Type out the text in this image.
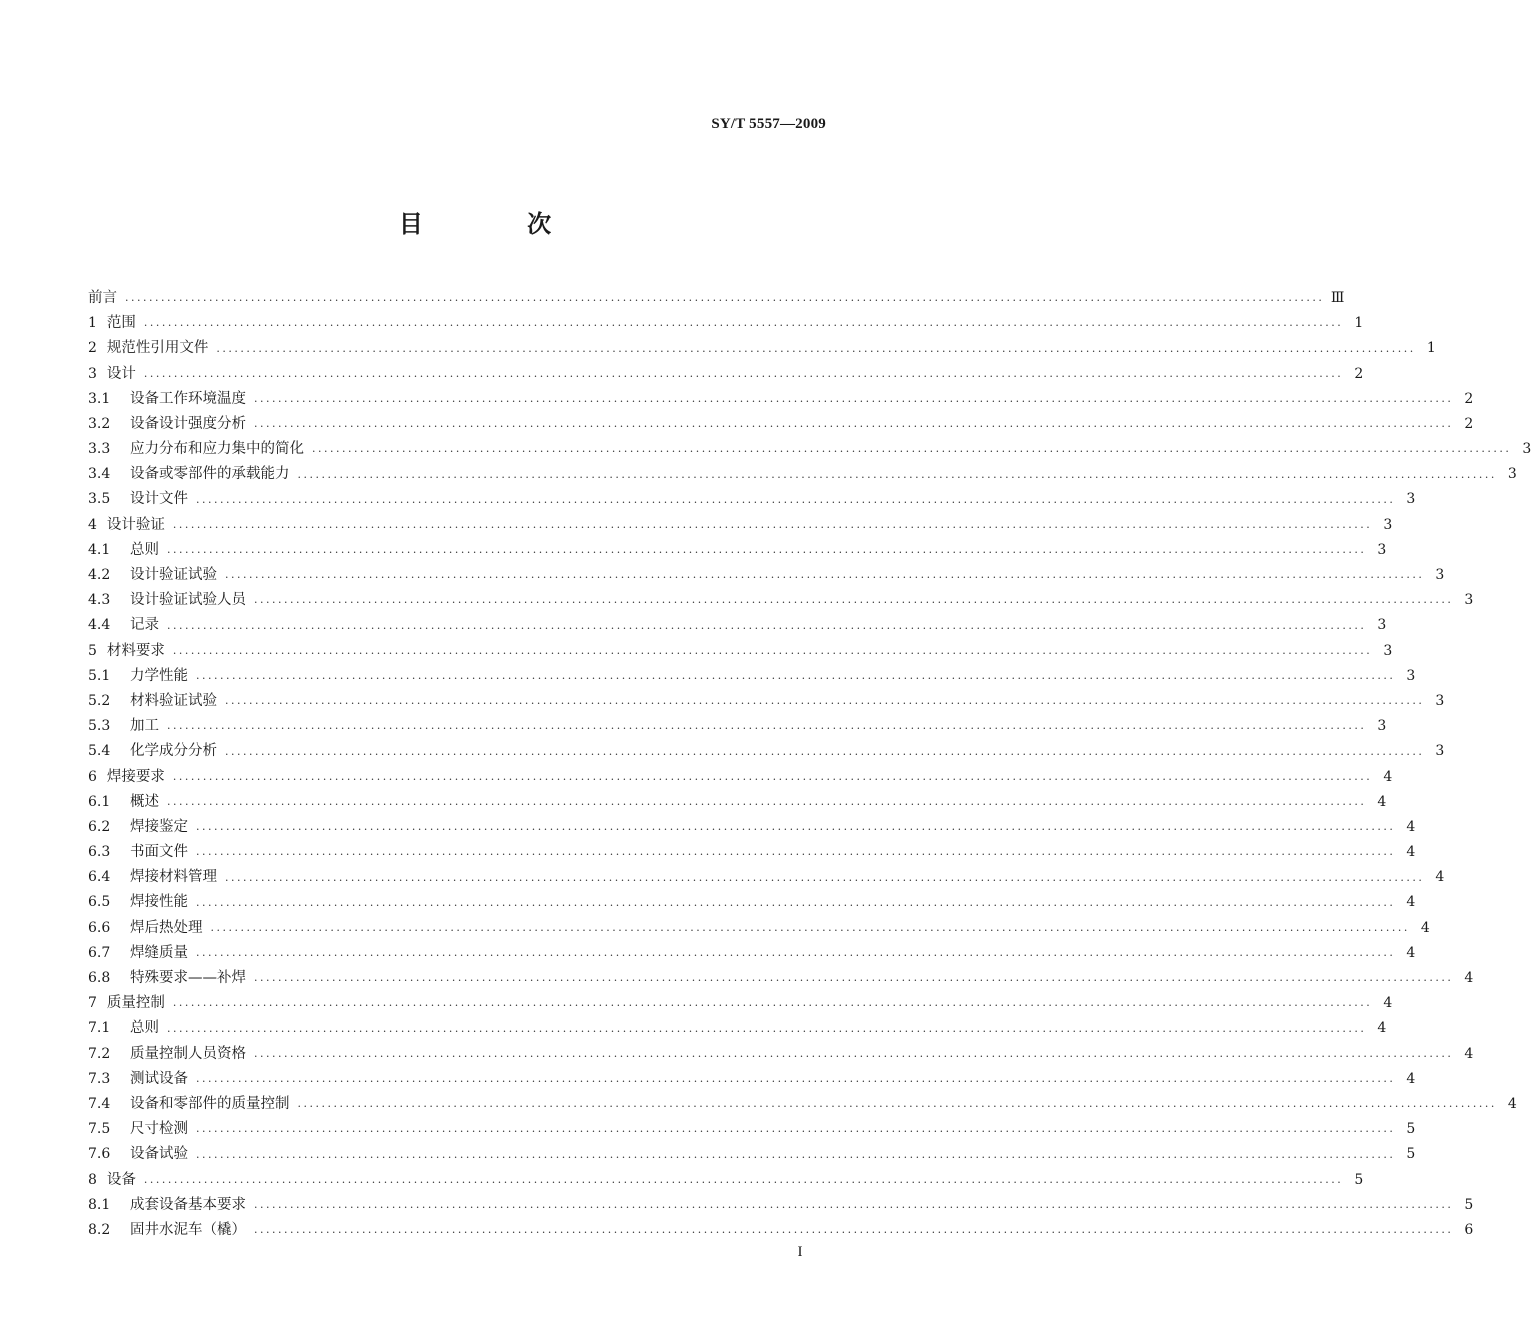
SY/T 5557—2009
目 次
前言 ········································································································································································································ Ⅲ
1 范围 ········································································································································································································ 1
2 规范性引用文件 ········································································································································································································ 1
3 设计 ········································································································································································································ 2
3.1	设备工作环境温度 ········································································································································································································ 2
3.2	设备设计强度分析 ········································································································································································································ 2
3.3	应力分布和应力集中的简化 ········································································································································································································ 3
3.4	设备或零部件的承载能力 ········································································································································································································ 3
3.5	设计文件 ········································································································································································································ 3
4 设计验证 ········································································································································································································ 3
4.1	总则 ········································································································································································································ 3
4.2	设计验证试验 ········································································································································································································ 3
4.3	设计验证试验人员 ········································································································································································································ 3
4.4	记录 ········································································································································································································ 3
5 材料要求 ········································································································································································································ 3
5.1	力学性能 ········································································································································································································ 3
5.2	材料验证试验 ········································································································································································································ 3
5.3	加工 ········································································································································································································ 3
5.4	化学成分分析 ········································································································································································································ 3
6 焊接要求 ········································································································································································································ 4
6.1	概述 ········································································································································································································ 4
6.2	焊接鉴定 ········································································································································································································ 4
6.3	书面文件 ········································································································································································································ 4
6.4	焊接材料管理 ········································································································································································································ 4
6.5	焊接性能 ········································································································································································································ 4
6.6	焊后热处理 ········································································································································································································ 4
6.7	焊缝质量 ········································································································································································································ 4
6.8	特殊要求——补焊 ········································································································································································································ 4
7 质量控制 ········································································································································································································ 4
7.1	总则 ········································································································································································································ 4
7.2	质量控制人员资格 ········································································································································································································ 4
7.3	测试设备 ········································································································································································································ 4
7.4	设备和零部件的质量控制 ········································································································································································································ 4
7.5	尺寸检测 ········································································································································································································ 5
7.6	设备试验 ········································································································································································································ 5
8 设备 ········································································································································································································ 5
8.1	成套设备基本要求 ········································································································································································································ 5
8.2	固井水泥车（橇） ········································································································································································································ 6
I
